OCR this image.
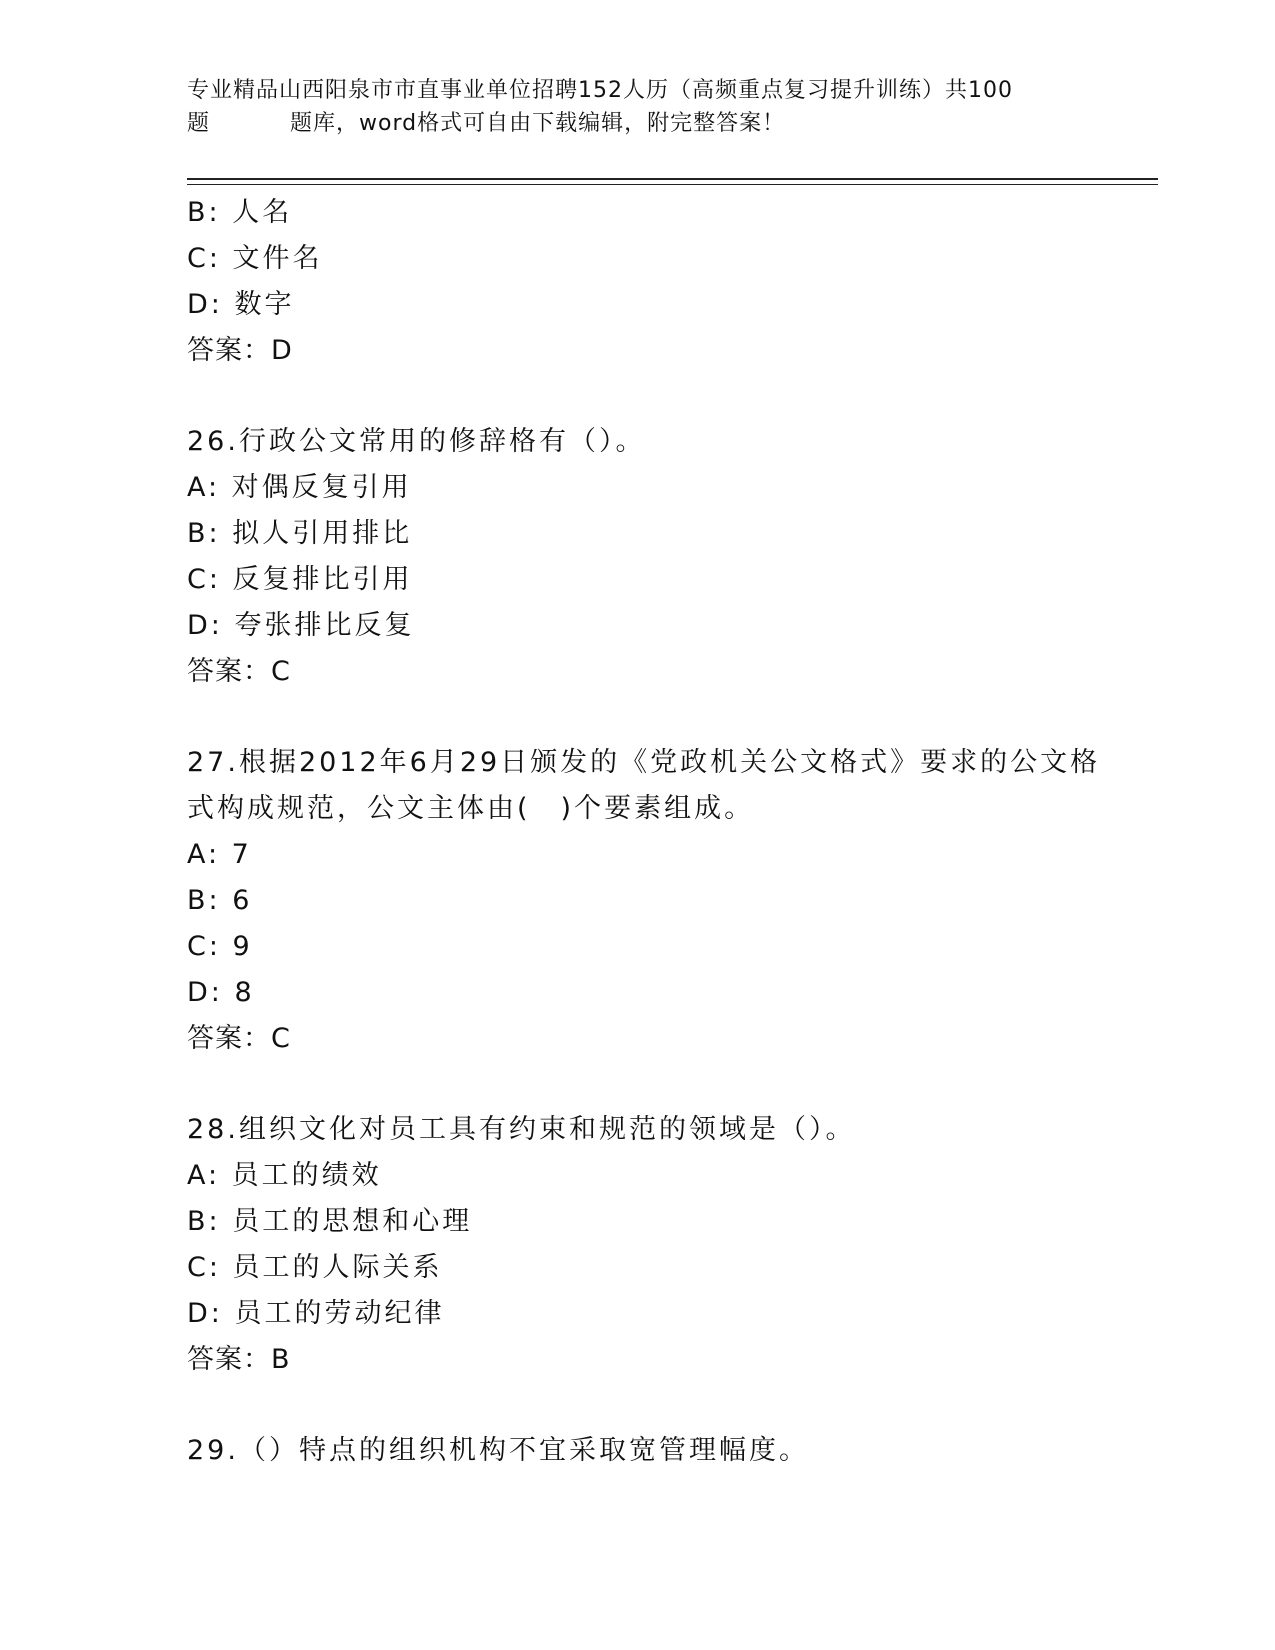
专业精品山西阳泉市市直事业单位招聘152人历（高频重点复习提升训练）共100
题	题库，word格式可自由下载编辑，附完整答案！
B: 人名
C: 文件名
D: 数字
答案：D
26.行政公文常用的修辞格有（）。
A: 对偶反复引用
B: 拟人引用排比
C: 反复排比引用
D: 夸张排比反复
答案：C
27.根据2012年6月29日颁发的《党政机关公文格式》要求的公文格
式构成规范，公文主体由(　)个要素组成。
A: 7
B: 6
C: 9
D: 8
答案：C
28.组织文化对员工具有约束和规范的领域是（）。
A: 员工的绩效
B: 员工的思想和心理
C: 员工的人际关系
D: 员工的劳动纪律
答案：B
29.（）特点的组织机构不宜采取宽管理幅度。
